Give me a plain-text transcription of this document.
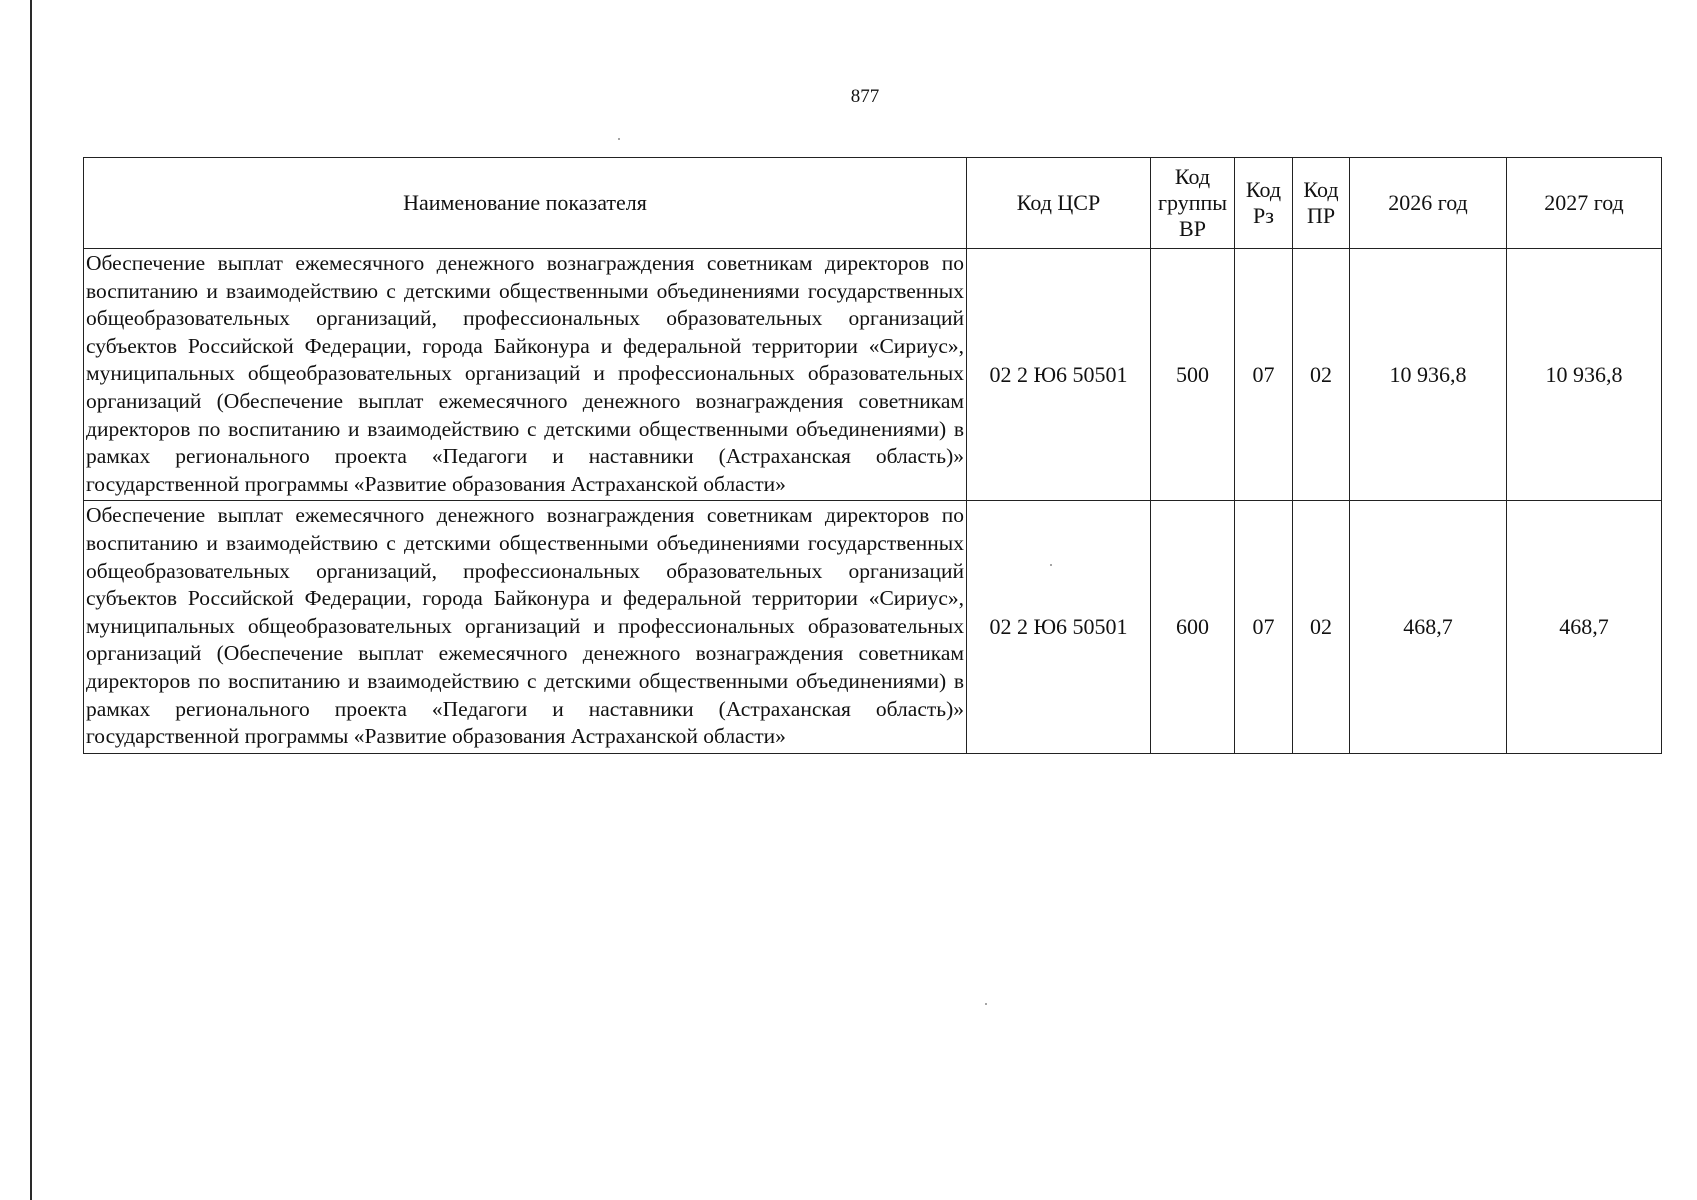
877
Наименование показателя	Код ЦСР	Код группы ВР	Код Рз	Код ПР	2026 год	2027 год
Обеспечение выплат ежемесячного денежного вознаграждения советникам директоров по воспитанию и взаимодействию с детскими общественными объединениями государственных общеобразовательных организаций, профессиональных образовательных организаций субъектов Российской Федерации, города Байконура и федеральной территории «Сириус», муниципальных общеобразовательных организаций и профессиональных образовательных организаций (Обеспечение выплат ежемесячного денежного вознаграждения советникам директоров по воспитанию и взаимодействию с детскими общественными объединениями) в рамках регионального проекта «Педагоги и наставники (Астраханская область)» государственной программы «Развитие образования Астраханской области»	02 2 Ю6 50501	500	07	02	10 936,8	10 936,8
Обеспечение выплат ежемесячного денежного вознаграждения советникам директоров по воспитанию и взаимодействию с детскими общественными объединениями государственных общеобразовательных организаций, профессиональных образовательных организаций субъектов Российской Федерации, города Байконура и федеральной территории «Сириус», муниципальных общеобразовательных организаций и профессиональных образовательных организаций (Обеспечение выплат ежемесячного денежного вознаграждения советникам директоров по воспитанию и взаимодействию с детскими общественными объединениями) в рамках регионального проекта «Педагоги и наставники (Астраханская область)» государственной программы «Развитие образования Астраханской области»	02 2 Ю6 50501	600	07	02	468,7	468,7
